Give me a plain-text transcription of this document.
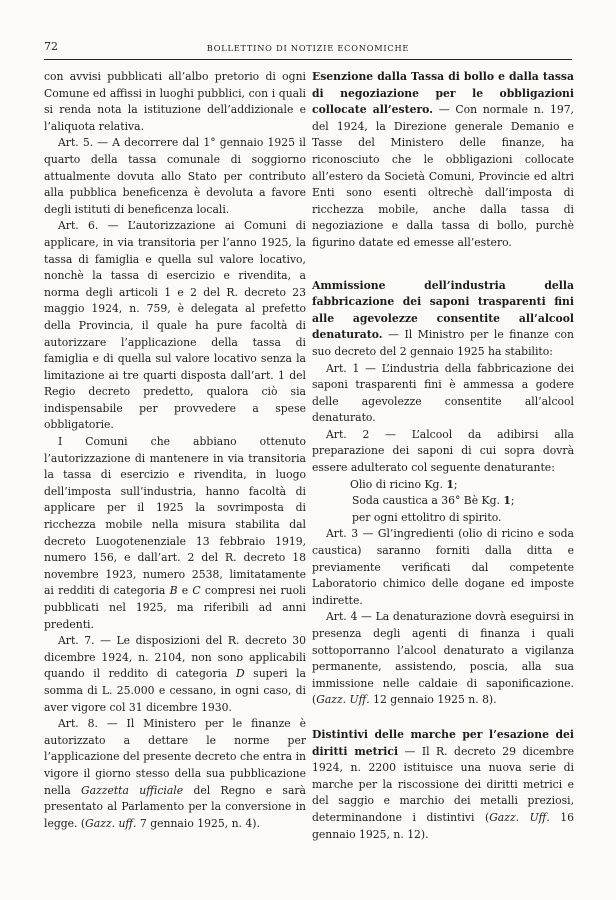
72	BOLLETTINO DI NOTIZIE ECONOMICHE

con avvisi pubblicati all’albo pretorio di ogni Comune ed affissi in luoghi pubblici, con i quali si renda nota la istituzione dell’addizionale e l’aliquota relativa.

Art. 5. — A decorrere dal 1° gennaio 1925 il quarto della tassa comunale di soggiorno attualmente dovuta allo Stato per contributo alla pubblica beneficenza è devoluta a favore degli istituti di beneficenza locali.

Art. 6. — L’autorizzazione ai Comuni di applicare, in via transitoria per l’anno 1925, la tassa di famiglia e quella sul valore locativo, nonchè la tassa di esercizio e rivendita, a norma degli articoli 1 e 2 del R. decreto 23 maggio 1924, n. 759, è delegata al prefetto della Provincia, il quale ha pure facoltà di autorizzare l’applicazione della tassa di famiglia e di quella sul valore locativo senza la limitazione ai tre quarti disposta dall’art. 1 del Regio decreto predetto, qualora ciò sia indispensabile per provvedere a spese obbligatorie.

I Comuni che abbiano ottenuto l’autorizzazione di mantenere in via transitoria la tassa di esercizio e rivendita, in luogo dell’imposta sull’industria, hanno facoltà di applicare per il 1925 la sovrimposta di ricchezza mobile nella misura stabilita dal decreto Luogotenenziale 13 febbraio 1919, numero 156, e dall’art. 2 del R. decreto 18 novembre 1923, numero 2538, limitatamente ai redditi di categoria B e C compresi nei ruoli pubblicati nel 1925, ma riferibili ad anni predenti.

Art. 7. — Le disposizioni del R. decreto 30 dicembre 1924, n. 2104, non sono applicabili quando il reddito di categoria D superi la somma di L. 25.000 e cessano, in ogni caso, di aver vigore col 31 dicembre 1930.

Art. 8. — Il Ministero per le finanze è autorizzato a dettare le norme per l’applicazione del presente decreto che entra in vigore il giorno stesso della sua pubblicazione nella Gazzetta ufficiale del Regno e sarà presentato al Parlamento per la conversione in legge. (Gazz. uff. 7 gennaio 1925, n. 4).

Esenzione dalla Tassa di bollo e dalla tassa di negoziazione per le obbligazioni collocate all’estero. — Con normale n. 197, del 1924, la Direzione generale Demanio e Tasse del Ministero delle finanze, ha riconosciuto che le obbligazioni collocate all’estero da Società Comuni, Provincie ed altri Enti sono esenti oltrechè dall’imposta di ricchezza mobile, anche dalla tassa di negoziazione e dalla tassa di bollo, purchè figurino datate ed emesse all’estero.

Ammissione dell’industria della fabbricazione dei saponi trasparenti fini alle agevolezze consentite all’alcool denaturato. — Il Ministro per le finanze con suo decreto del 2 gennaio 1925 ha stabilito:

Art. 1 — L’industria della fabbricazione dei saponi trasparenti fini è ammessa a godere delle agevolezze consentite all’alcool denaturato.

Art. 2 — L’alcool da adibirsi alla preparazione dei saponi di cui sopra dovrà essere adulterato col seguente denaturante:

Olio di ricino Kg. 1;

Soda caustica a 36° Bè Kg. 1;

per ogni ettolitro di spirito.

Art. 3 — Gl’ingredienti (olio di ricino e soda caustica) saranno forniti dalla ditta e previamente verificati dal competente Laboratorio chimico delle dogane ed imposte indirette.

Art. 4 — La denaturazione dovrà eseguirsi in presenza degli agenti di finanza i quali sottoporranno l’alcool denaturato a vigilanza permanente, assistendo, poscia, alla sua immissione nelle caldaie di saponificazione. (Gazz. Uff. 12 gennaio 1925 n. 8).

Distintivi delle marche per l’esazione dei diritti metrici — Il R. decreto 29 dicembre 1924, n. 2200 istituisce una nuova serie di marche per la riscossione dei diritti metrici e del saggio e marchio dei metalli preziosi, determinandone i distintivi (Gazz. Uff. 16 gennaio 1925, n. 12).
